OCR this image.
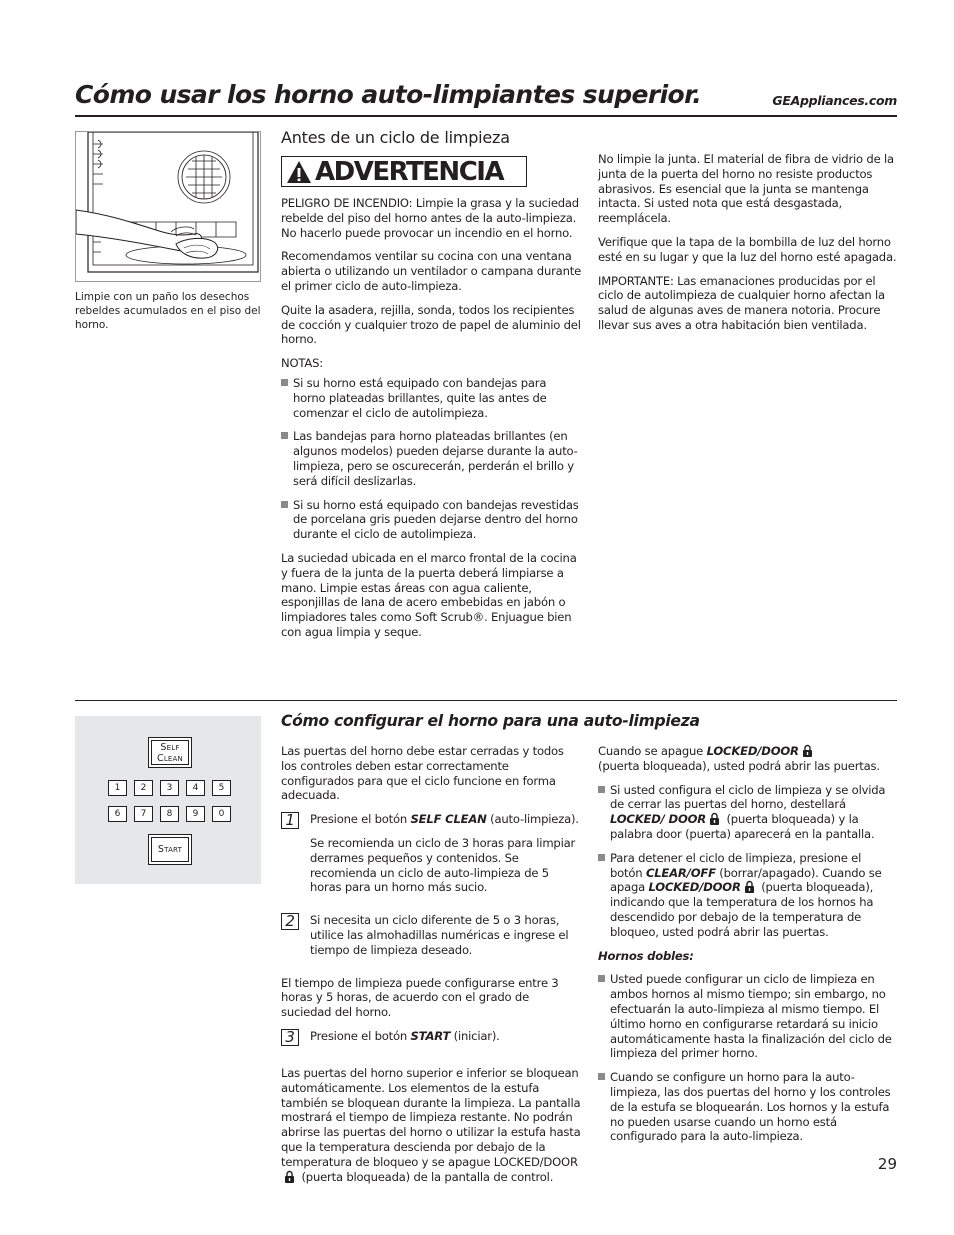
Cómo usar los horno auto-limpiantes superior.	GEAppliances.com

Limpie con un paño los desechos rebeldes acumulados en el piso del horno.

Antes de un ciclo de limpieza
ADVERTENCIA

PELIGRO DE INCENDIO: Limpie la grasa y la suciedad rebelde del piso del horno antes de la auto-limpieza. No hacerlo puede provocar un incendio en el horno.

Recomendamos ventilar su cocina con una ventana abierta o utilizando un ventilador o campana durante el primer ciclo de auto-limpieza.

Quite la asadera, rejilla, sonda, todos los recipientes de cocción y cualquier trozo de papel de aluminio del horno.

NOTAS:

Si su horno está equipado con bandejas para horno plateadas brillantes, quite las antes de comenzar el ciclo de autolimpieza.
Las bandejas para horno plateadas brillantes (en algunos modelos) pueden dejarse durante la auto-limpieza, pero se oscurecerán, perderán el brillo y será difícil deslizarlas.
Si su horno está equipado con bandejas revestidas de porcelana gris pueden dejarse dentro del horno durante el ciclo de autolimpieza.

La suciedad ubicada en el marco frontal de la cocina y fuera de la junta de la puerta deberá limpiarse a mano. Limpie estas áreas con agua caliente, esponjillas de lana de acero embebidas en jabón o limpiadores tales como Soft Scrub®. Enjuague bien con agua limpia y seque.

No limpie la junta. El material de fibra de vidrio de la junta de la puerta del horno no resiste productos abrasivos. Es esencial que la junta se mantenga intacta. Si usted nota que está desgastada, reemplácela.

Verifique que la tapa de la bombilla de luz del horno esté en su lugar y que la luz del horno esté apagada.

IMPORTANTE: Las emanaciones producidas por el ciclo de autolimpieza de cualquier horno afectan la salud de algunas aves de manera notoria. Procure llevar sus aves a otra habitación bien ventilada.

Self
Clean
1	2	3	4	5
6	7	8	9	0
Start
Cómo configurar el horno para una auto-limpieza

Las puertas del horno debe estar cerradas y todos los controles deben estar correctamente configurados para que el ciclo funcione en forma adecuada.

1	Presione el botón SELF CLEAN (auto-limpieza).

Se recomienda un ciclo de 3 horas para limpiar derrames pequeños y contenidos. Se recomienda un ciclo de auto-limpieza de 5 horas para un horno más sucio.

2	Si necesita un ciclo diferente de 5 o 3 horas, utilice las almohadillas numéricas e ingrese el tiempo de limpieza deseado.

El tiempo de limpieza puede configurarse entre 3 horas y 5 horas, de acuerdo con el grado de suciedad del horno.

3	Presione el botón START (iniciar).

Las puertas del horno superior e inferior se bloquean automáticamente. Los elementos de la estufa también se bloquean durante la limpieza. La pantalla mostrará el tiempo de limpieza restante. No podrán abrirse las puertas del horno o utilizar la estufa hasta que la temperatura descienda por debajo de la temperatura de bloqueo y se apague LOCKED/DOOR (puerta bloqueada) de la pantalla de control.

Cuando se apague LOCKED/DOOR
(puerta bloqueada), usted podrá abrir las puertas.

Si usted configura el ciclo de limpieza y se olvida de cerrar las puertas del horno, destellará LOCKED/ DOOR (puerta bloqueada) y la palabra door (puerta) aparecerá en la pantalla.
Para detener el ciclo de limpieza, presione el botón CLEAR/OFF (borrar/apagado). Cuando se apaga LOCKED/DOOR (puerta bloqueada), indicando que la temperatura de los hornos ha descendido por debajo de la temperatura de bloqueo, usted podrá abrir las puertas.

Hornos dobles:

Usted puede configurar un ciclo de limpieza en ambos hornos al mismo tiempo; sin embargo, no efectuarán la auto-limpieza al mismo tiempo. El último horno en configurarse retardará su inicio automáticamente hasta la finalización del ciclo de limpieza del primer horno.
Cuando se configure un horno para la auto-limpieza, las dos puertas del horno y los controles de la estufa se bloquearán. Los hornos y la estufa no pueden usarse cuando un horno está configurado para la auto-limpieza.
29
